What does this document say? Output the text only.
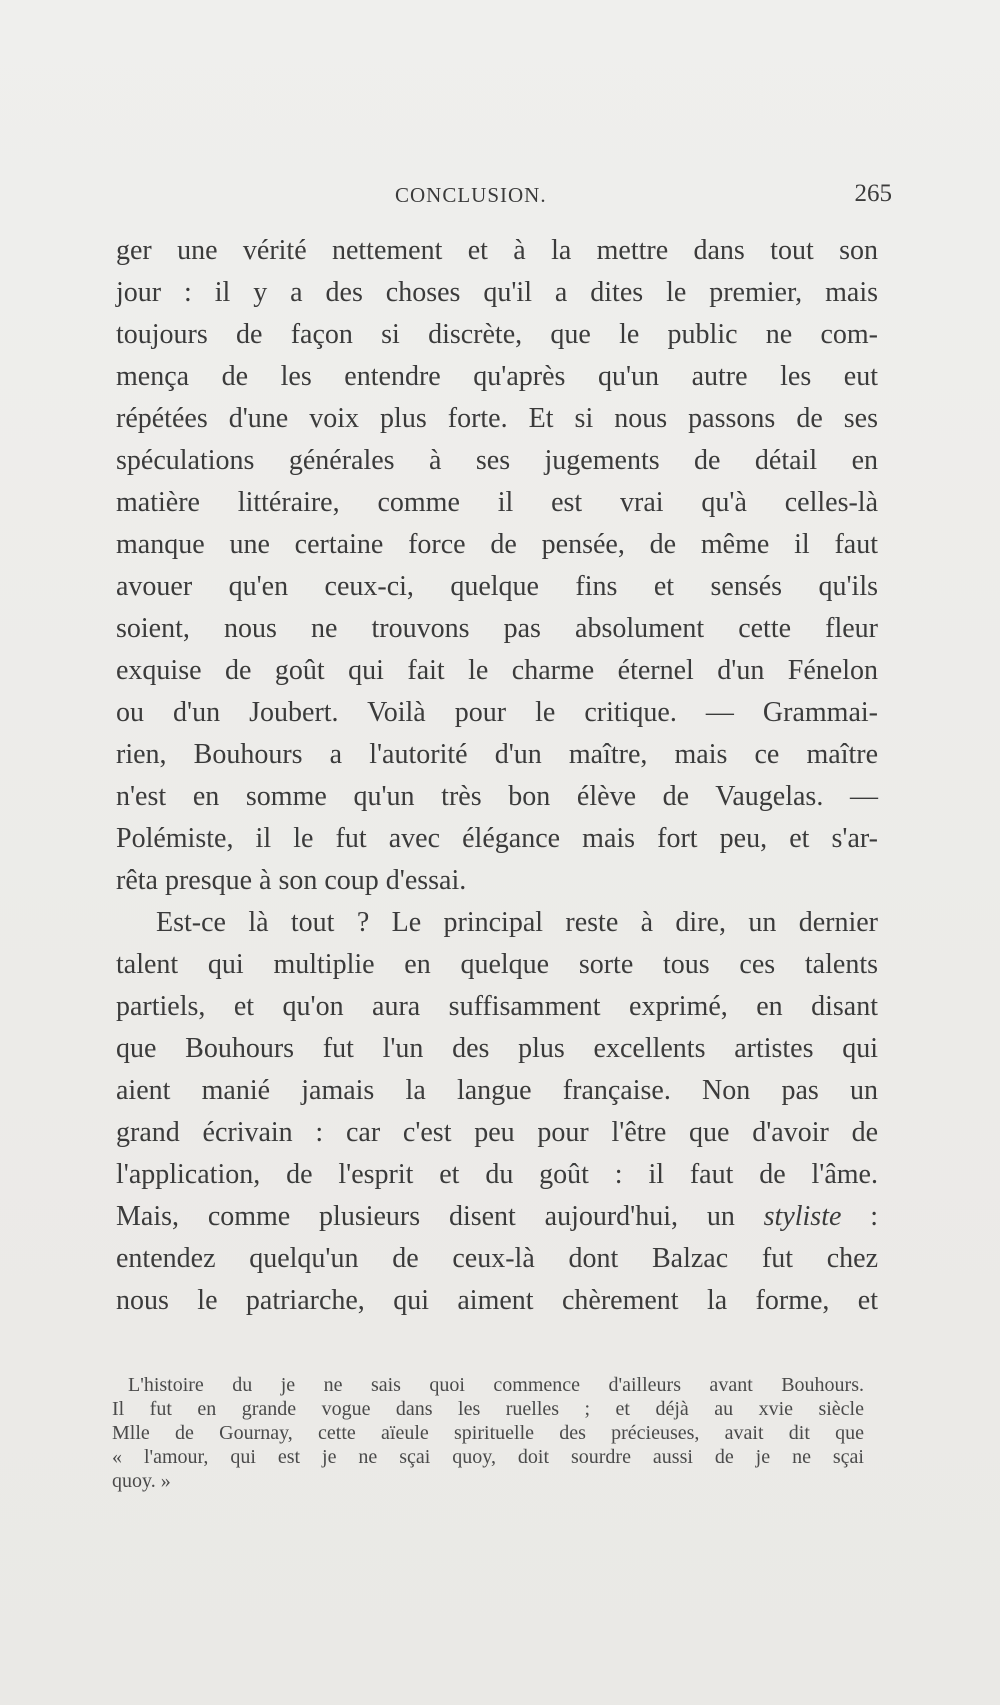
CONCLUSION.	265
ger une vérité nettement et à la mettre dans tout son
jour : il y a des choses qu'il a dites le premier, mais
toujours de façon si discrète, que le public ne com-
mença de les entendre qu'après qu'un autre les eut
répétées d'une voix plus forte. Et si nous passons de ses
spéculations générales à ses jugements de détail en
matière littéraire, comme il est vrai qu'à celles-là
manque une certaine force de pensée, de même il faut
avouer qu'en ceux-ci, quelque fins et sensés qu'ils
soient, nous ne trouvons pas absolument cette fleur
exquise de goût qui fait le charme éternel d'un Fénelon
ou d'un Joubert. Voilà pour le critique. — Grammai-
rien, Bouhours a l'autorité d'un maître, mais ce maître
n'est en somme qu'un très bon élève de Vaugelas. —
Polémiste, il le fut avec élégance mais fort peu, et s'ar-
rêta presque à son coup d'essai.
Est-ce là tout ? Le principal reste à dire, un dernier
talent qui multiplie en quelque sorte tous ces talents
partiels, et qu'on aura suffisamment exprimé, en disant
que Bouhours fut l'un des plus excellents artistes qui
aient manié jamais la langue française. Non pas un
grand écrivain : car c'est peu pour l'être que d'avoir de
l'application, de l'esprit et du goût : il faut de l'âme.
Mais, comme plusieurs disent aujourd'hui, un styliste :
entendez quelqu'un de ceux-là dont Balzac fut chez
nous le patriarche, qui aiment chèrement la forme, et
L'histoire du je ne sais quoi commence d'ailleurs avant Bouhours.
Il fut en grande vogue dans les ruelles ; et déjà au xvie siècle
Mlle de Gournay, cette aïeule spirituelle des précieuses, avait dit que
« l'amour, qui est je ne sçai quoy, doit sourdre aussi de je ne sçai
quoy. »
